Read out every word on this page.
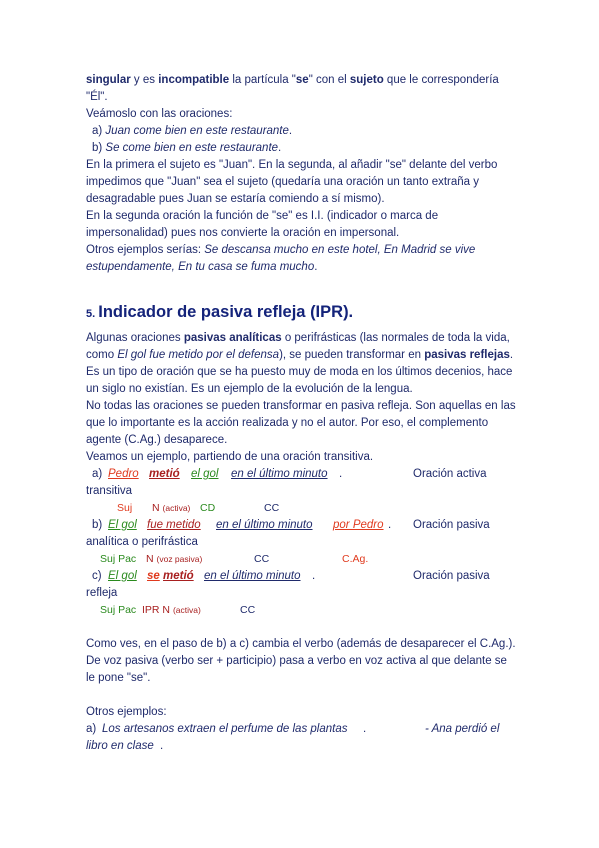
singular y es incompatible la partícula "se" con el sujeto que le correspondería "Él".

Veámoslo con las oraciones:

a) Juan come bien en este restaurante.

b) Se come bien en este restaurante.

En la primera el sujeto es "Juan". En la segunda, al añadir "se" delante del verbo impedimos que "Juan" sea el sujeto (quedaría una oración un tanto extraña y desagradable pues Juan se estaría comiendo a sí mismo).

En la segunda oración la función de "se" es I.I. (indicador o marca de impersonalidad) pues nos convierte la oración en impersonal.

Otros ejemplos serías: Se descansa mucho en este hotel, En Madrid se vive estupendamente, En tu casa se fuma mucho.

5. Indicador de pasiva refleja (IPR).

Algunas oraciones pasivas analíticas o perifrásticas (las normales de toda la vida, como El gol fue metido por el defensa), se pueden transformar en pasivas reflejas. Es un tipo de oración que se ha puesto muy de moda en los últimos decenios, hace un siglo no existían. Es un ejemplo de la evolución de la lengua.

No todas las oraciones se pueden transformar en pasiva refleja. Son aquellas en las que lo importante es la acción realizada y no el autor. Por eso, el complemento agente (C.Ag.) desaparece.

Veamos un ejemplo, partiendo de una oración transitiva.

a) Pedro metió el gol en el último minuto .	Oración activa
transitiva
Suj N (activa) CD	CC
b) El gol fue metido en el último minuto por Pedro . Oración pasiva
analítica o perifrástica
Suj Pac N (voz pasiva)	CC	C.Ag.
c) El gol se metió en el último minuto .	Oración pasiva
refleja
Suj Pac IPR N (activa)	CC

Como ves, en el paso de b) a c) cambia el verbo (además de desaparecer el C.Ag.). De voz pasiva (verbo ser + participio) pasa a verbo en voz activa al que delante se le pone "se".

Otros ejemplos:

a) Los artesanos extraen el perfume de las plantas .	- Ana perdió el
libro en clase .
